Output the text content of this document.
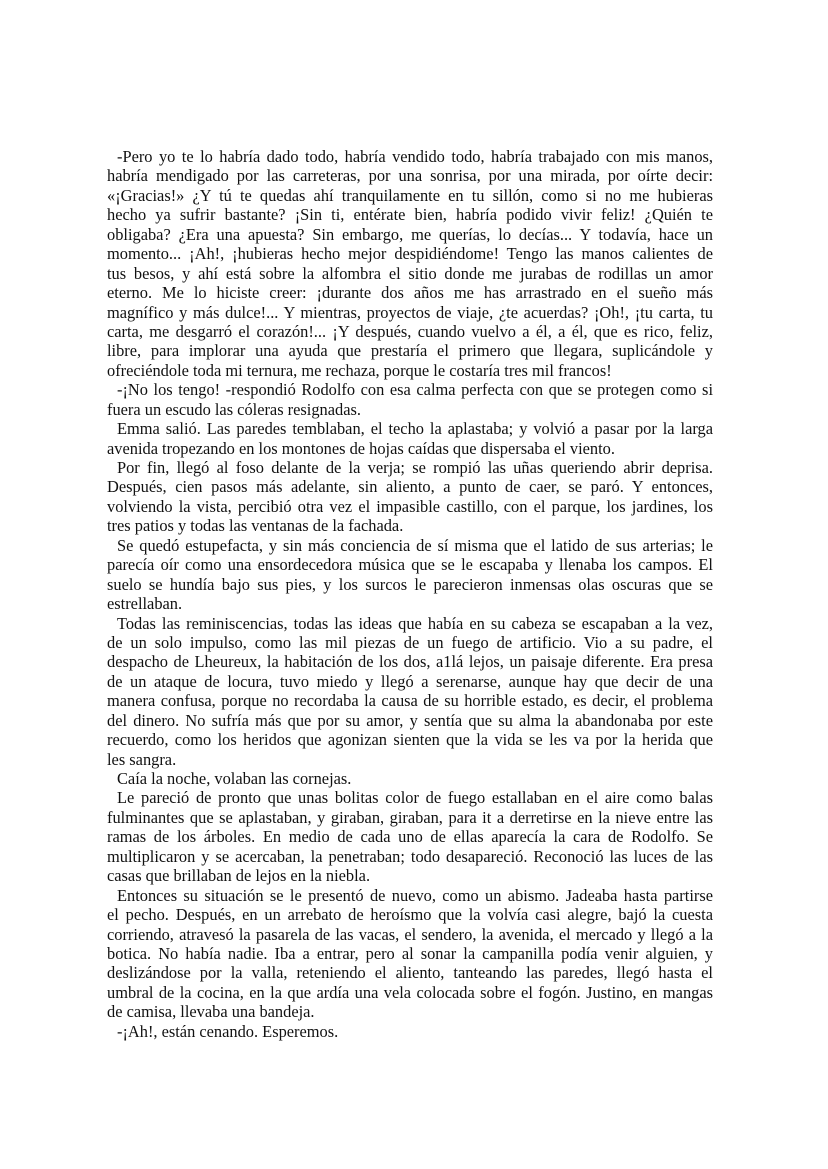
-Pero yo te lo habría dado todo, habría vendido todo, habría trabajado con mis manos,
habría mendigado por las carreteras, por una sonrisa, por una mirada, por oírte decir:
«¡Gracias!» ¿Y tú te quedas ahí tranquilamente en tu sillón, como si no me hubieras
hecho ya sufrir bastante? ¡Sin ti, entérate bien, habría podido vivir feliz! ¿Quién te
obligaba? ¿Era una apuesta? Sin embargo, me querías, lo decías... Y todavía, hace un
momento... ¡Ah!, ¡hubieras hecho mejor despidiéndome! Tengo las manos calientes de
tus besos, y ahí está sobre la alfombra el sitio donde me jurabas de rodillas un amor
eterno. Me lo hiciste creer: ¡durante dos años me has arrastrado en el sueño más
magnífico y más dulce!... Y mientras, proyectos de viaje, ¿te acuerdas? ¡Oh!, ¡tu carta, tu
carta, me desgarró el corazón!... ¡Y después, cuando vuelvo a él, a él, que es rico, feliz,
libre, para implorar una ayuda que prestaría el primero que llegara, suplicándole y
ofreciéndole toda mi ternura, me rechaza, porque le costaría tres mil francos!
-¡No los tengo! -respondió Rodolfo con esa calma perfecta con que se protegen como si
fuera un escudo las cóleras resignadas.
Emma salió. Las paredes temblaban, el techo la aplastaba; y volvió a pasar por la larga
avenida tropezando en los montones de hojas caídas que dispersaba el viento.
Por fin, llegó al foso delante de la verja; se rompió las uñas queriendo abrir deprisa.
Después, cien pasos más adelante, sin aliento, a punto de caer, se paró. Y entonces,
volviendo la vista, percibió otra vez el impasible castillo, con el parque, los jardines, los
tres patios y todas las ventanas de la fachada.
Se quedó estupefacta, y sin más conciencia de sí misma que el latido de sus arterias; le
parecía oír como una ensordecedora música que se le escapaba y llenaba los campos. El
suelo se hundía bajo sus pies, y los surcos le parecieron inmensas olas oscuras que se
estrellaban.
Todas las reminiscencias, todas las ideas que había en su cabeza se escapaban a la vez,
de un solo impulso, como las mil piezas de un fuego de artificio. Vio a su padre, el
despacho de Lheureux, la habitación de los dos, a1lá lejos, un paisaje diferente. Era presa
de un ataque de locura, tuvo miedo y llegó a serenarse, aunque hay que decir de una
manera confusa, porque no recordaba la causa de su horrible estado, es decir, el problema
del dinero. No sufría más que por su amor, y sentía que su alma la abandonaba por este
recuerdo, como los heridos que agonizan sienten que la vida se les va por la herida que
les sangra.
Caía la noche, volaban las cornejas.
Le pareció de pronto que unas bolitas color de fuego estallaban en el aire como balas
fulminantes que se aplastaban, y giraban, giraban, para it a derretirse en la nieve entre las
ramas de los árboles. En medio de cada uno de ellas aparecía la cara de Rodolfo. Se
multiplicaron y se acercaban, la penetraban; todo desapareció. Reconoció las luces de las
casas que brillaban de lejos en la niebla.
Entonces su situación se le presentó de nuevo, como un abismo. Jadeaba hasta partirse
el pecho. Después, en un arrebato de heroísmo que la volvía casi alegre, bajó la cuesta
corriendo, atravesó la pasarela de las vacas, el sendero, la avenida, el mercado y llegó a la
botica. No había nadie. Iba a entrar, pero al sonar la campanilla podía venir alguien, y
deslizándose por la valla, reteniendo el aliento, tanteando las paredes, llegó hasta el
umbral de la cocina, en la que ardía una vela colocada sobre el fogón. Justino, en mangas
de camisa, llevaba una bandeja.
-¡Ah!, están cenando. Esperemos.
